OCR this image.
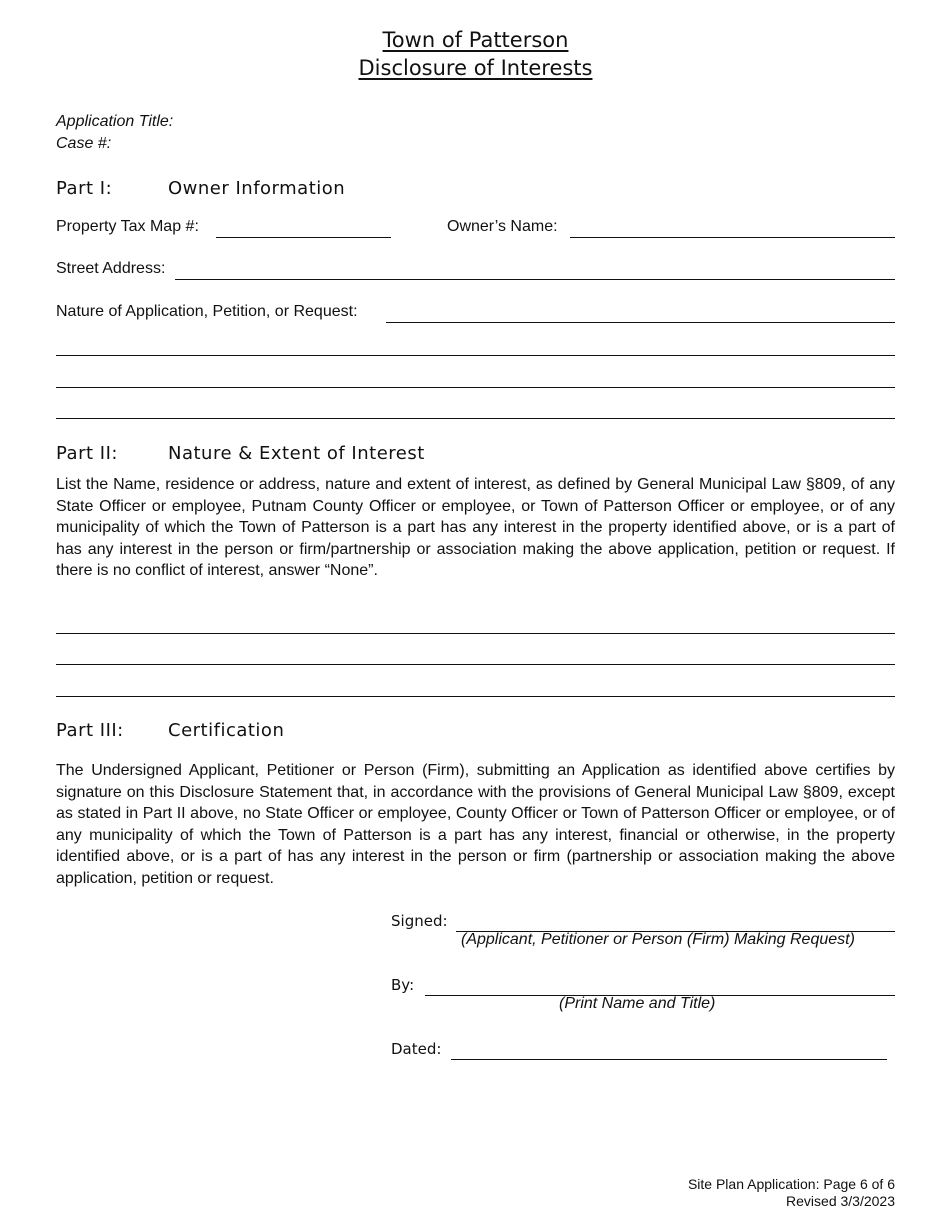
Town of Patterson
Disclosure of Interests
Application Title:
Case #:
Part I:	Owner Information
Property Tax Map #:	Owner’s Name:
Street Address:
Nature of Application, Petition, or Request:
Part II:	Nature & Extent of Interest
List the Name, residence or address, nature and extent of interest, as defined by General Municipal Law §809, of any State Officer or employee, Putnam County Officer or employee, or Town of Patterson Officer or employee, or of any municipality of which the Town of Patterson is a part has any interest in the property identified above, or is a part of has any interest in the person or firm/partnership or association making the above application, petition or request. If there is no conflict of interest, answer “None”.
Part III: Certification
The Undersigned Applicant, Petitioner or Person (Firm), submitting an Application as identified above certifies by signature on this Disclosure Statement that, in accordance with the provisions of General Municipal Law §809, except as stated in Part II above, no State Officer or employee, County Officer or Town of Patterson Officer or employee, or of any municipality of which the Town of Patterson is a part has any interest, financial or otherwise, in the property identified above, or is a part of has any interest in the person or firm (partnership or association making the above application, petition or request.
Signed:
(Applicant, Petitioner or Person (Firm) Making Request)
By:
(Print Name and Title)
Dated:
Site Plan Application: Page 6 of 6
Revised 3/3/2023
